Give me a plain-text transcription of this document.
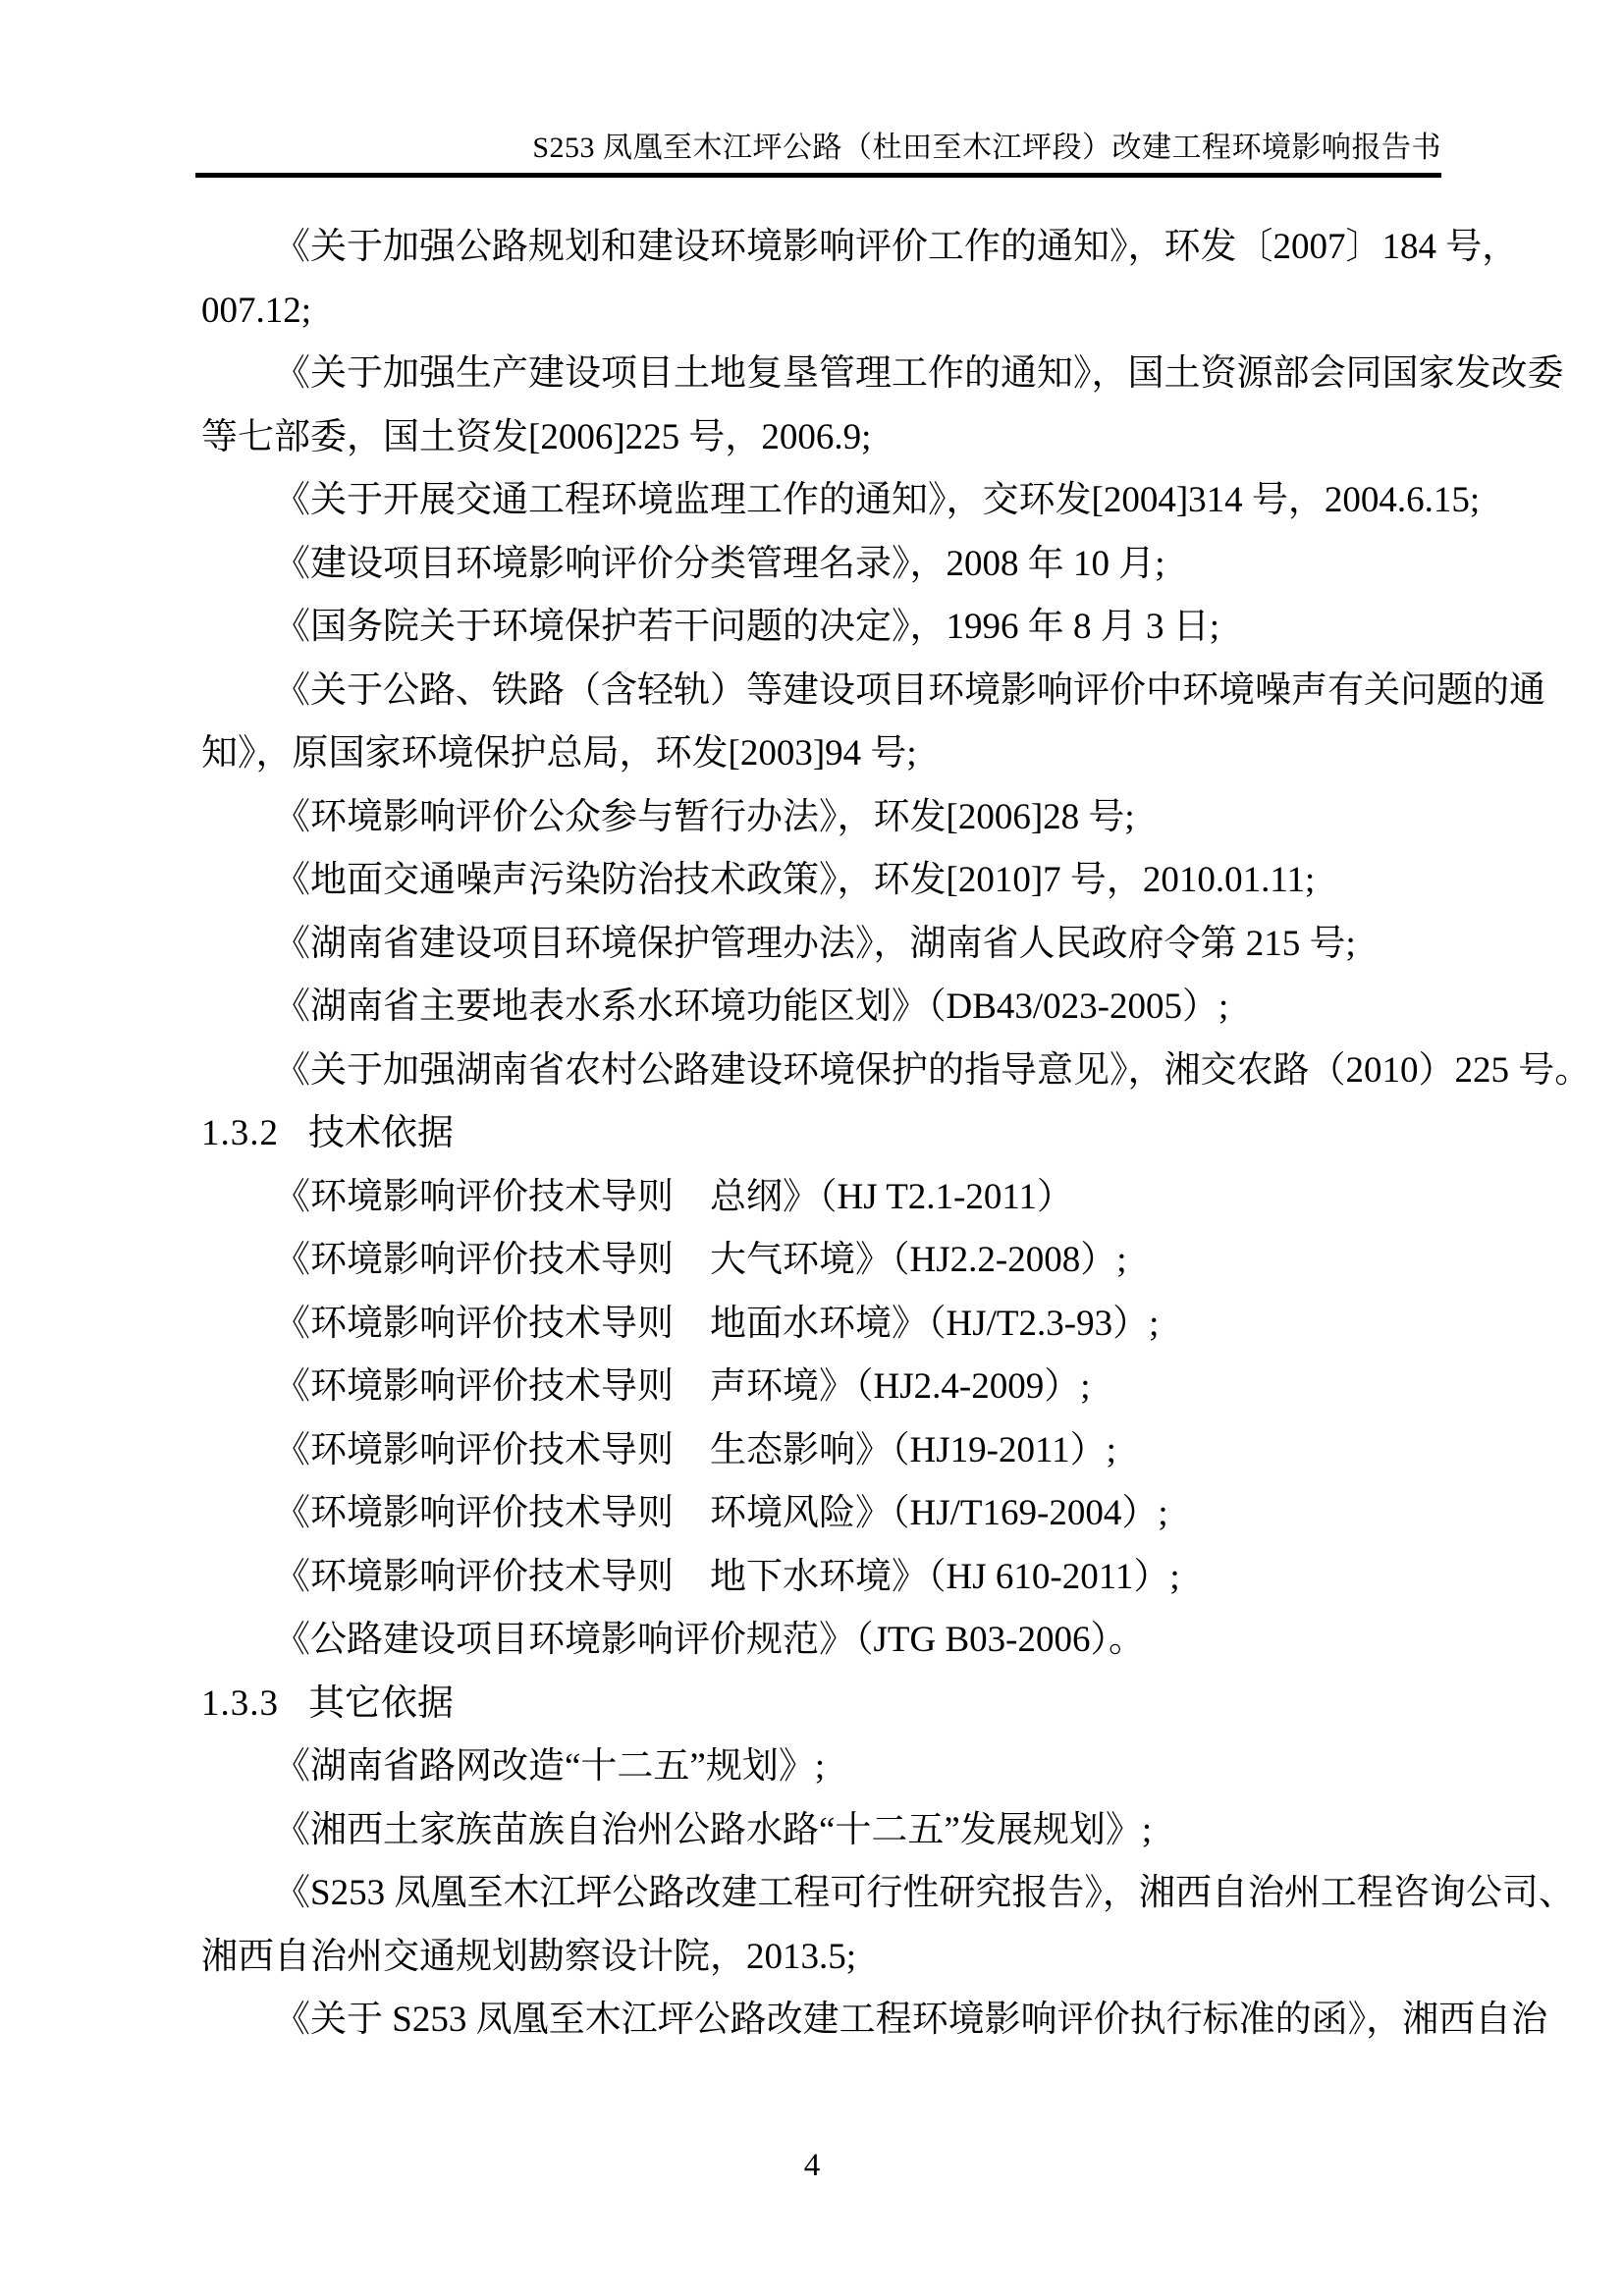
S253 凤凰至木江坪公路（杜田至木江坪段）改建工程环境影响报告书

《关于加强公路规划和建设环境影响评价工作的通知》，环发〔2007〕184 号，

007.12;

《关于加强生产建设项目土地复垦管理工作的通知》，国土资源部会同国家发改委

等七部委，国土资发[2006]225 号，2006.9;

《关于开展交通工程环境监理工作的通知》，交环发[2004]314 号，2004.6.15;

《建设项目环境影响评价分类管理名录》，2008 年 10 月;

《国务院关于环境保护若干问题的决定》，1996 年 8 月 3 日;

《关于公路、铁路（含轻轨）等建设项目环境影响评价中环境噪声有关问题的通

知》，原国家环境保护总局，环发[2003]94 号;

《环境影响评价公众参与暂行办法》，环发[2006]28 号;

《地面交通噪声污染防治技术政策》，环发[2010]7 号，2010.01.11;

《湖南省建设项目环境保护管理办法》，湖南省人民政府令第 215 号;

《湖南省主要地表水系水环境功能区划》（DB43/023-2005）;

《关于加强湖南省农村公路建设环境保护的指导意见》，湘交农路（2010）225 号。

1.3.2 技术依据

《环境影响评价技术导则　总纲》（HJ T2.1-2011）

《环境影响评价技术导则　大气环境》（HJ2.2-2008）;

《环境影响评价技术导则　地面水环境》（HJ/T2.3-93）;

《环境影响评价技术导则　声环境》（HJ2.4-2009）;

《环境影响评价技术导则　生态影响》（HJ19-2011）;

《环境影响评价技术导则　环境风险》（HJ/T169-2004）;

《环境影响评价技术导则　地下水环境》（HJ 610-2011）;

《公路建设项目环境影响评价规范》（JTG B03-2006）。

1.3.3 其它依据

《湖南省路网改造“十二五”规划》;

《湘西土家族苗族自治州公路水路“十二五”发展规划》;

《S253 凤凰至木江坪公路改建工程可行性研究报告》，湘西自治州工程咨询公司、

湘西自治州交通规划勘察设计院，2013.5;

《关于 S253 凤凰至木江坪公路改建工程环境影响评价执行标准的函》，湘西自治

4
